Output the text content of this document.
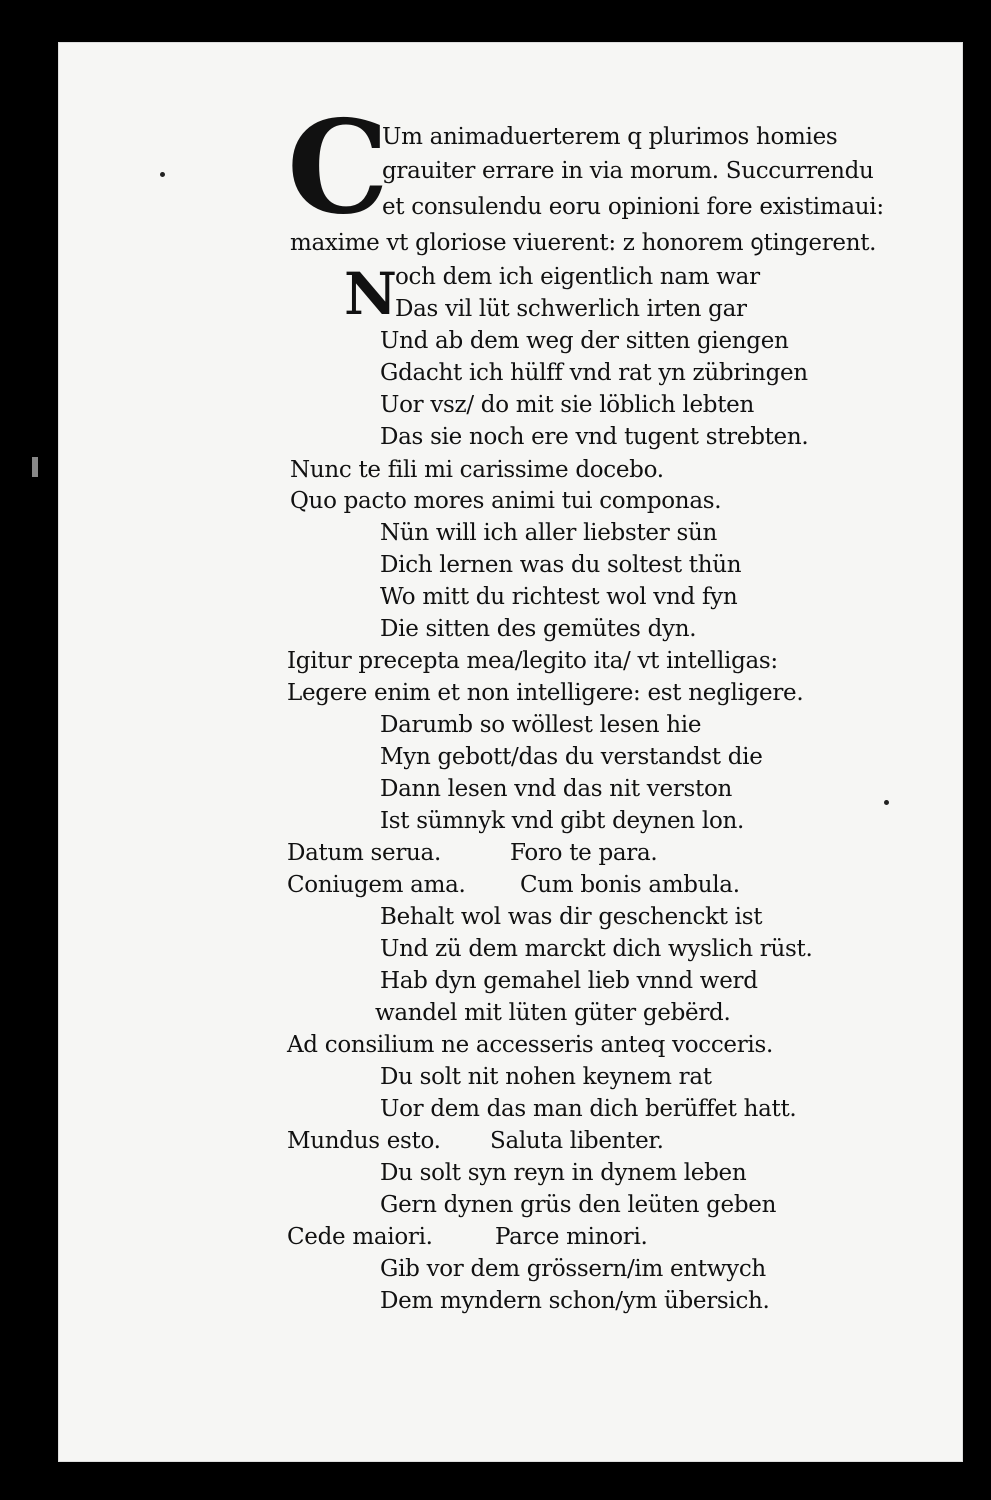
C
N
Um animaduerterem q plurimos homies
grauiter errare in via morum. Succurrendu
et consulendu eoru opinioni fore existimaui:
maxime vt gloriose viuerent: z honorem ꝯtingerent.
och dem ich eigentlich nam war
Das vil lüt schwerlich irten gar
Und ab dem weg der sitten giengen
Gdacht ich hülff vnd rat yn zübringen
Uor vsz/ do mit sie löblich lebten
Das sie noch ere vnd tugent strebten.
Nunc te fili mi carissime docebo.
Quo pacto mores animi tui componas.
Nün will ich aller liebster sün
Dich lernen was du soltest thün
Wo mitt du richtest wol vnd fyn
Die sitten des gemütes dyn.
Igitur precepta mea/legito ita/ vt intelligas:
Legere enim et non intelligere: est negligere.
Darumb so wöllest lesen hie
Myn gebott/das du verstandst die
Dann lesen vnd das nit verston
Ist sümnyk vnd gibt deynen lon.
Datum serua.	Foro te para.
Coniugem ama. Cum bonis ambula.
Behalt wol was dir geschenckt ist
Und zü dem marckt dich wyslich rüst.
Hab dyn gemahel lieb vnnd werd
wandel mit lüten güter gebërd.
Ad consilium ne accesseris anteq vocceris.
Du solt nit nohen keynem rat
Uor dem das man dich berüffet hatt.
Mundus esto. Saluta libenter.
Du solt syn reyn in dynem leben
Gern dynen grüs den leüten geben
Cede maiori.	Parce minori.
Gib vor dem grössern/im entwych
Dem myndern schon/ym übersich.
